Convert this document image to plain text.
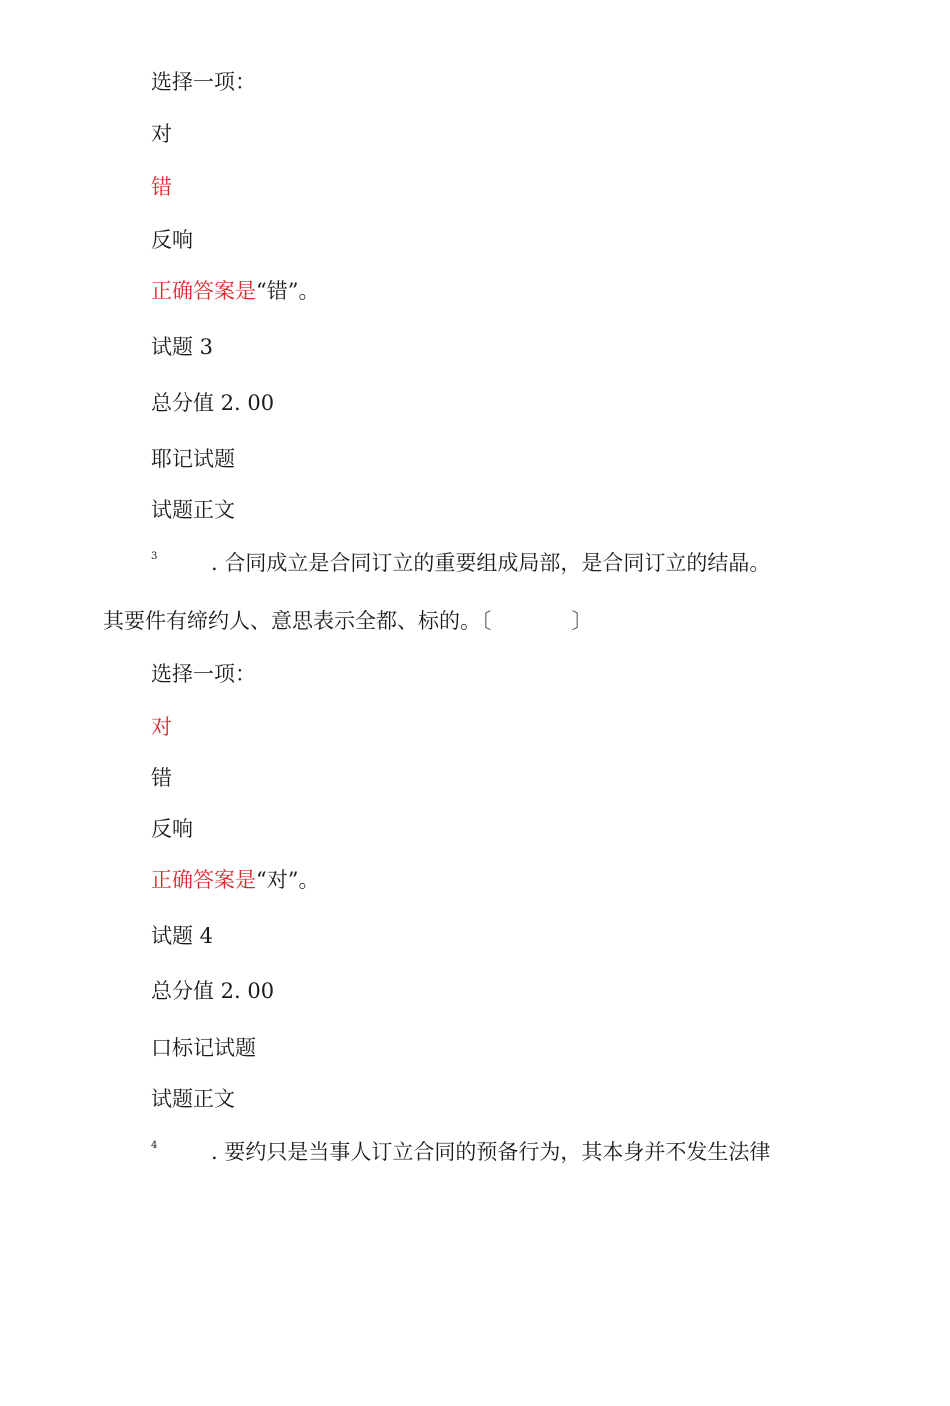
选择一项：
对
错
反响
正确答案是“错”。
试题 3
总分值 2. 00
耶记试题
试题正文
3	. 合同成立是合同订立的重要组成局部，是合同订立的结晶。
其要件有缔约人、意思表示全都、标的。〔	〕
选择一项：
对
错
反响
正确答案是“对”。
试题 4
总分值 2. 00
口标记试题
试题正文
4	. 要约只是当事人订立合同的预备行为，其本身并不发生法律
